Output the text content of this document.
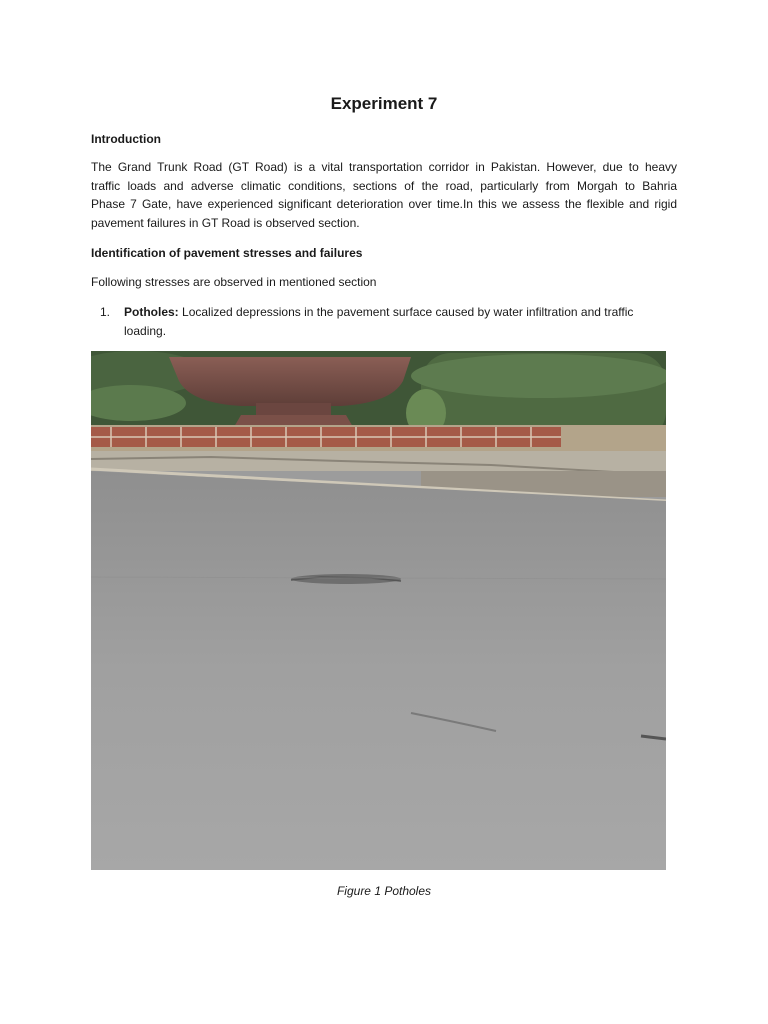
Experiment 7
Introduction
The Grand Trunk Road (GT Road) is a vital transportation corridor in Pakistan. However, due to heavy
traffic loads and adverse climatic conditions, sections of the road, particularly from Morgah to Bahria
Phase 7 Gate, have experienced significant deterioration over time.In this we assess the flexible and rigid
pavement failures in GT Road is observed section.
Identification of pavement stresses and failures
Following stresses are observed in mentioned section
1. Potholes: Localized depressions in the pavement surface caused by water infiltration and traffic loading.
Figure 1 Potholes
